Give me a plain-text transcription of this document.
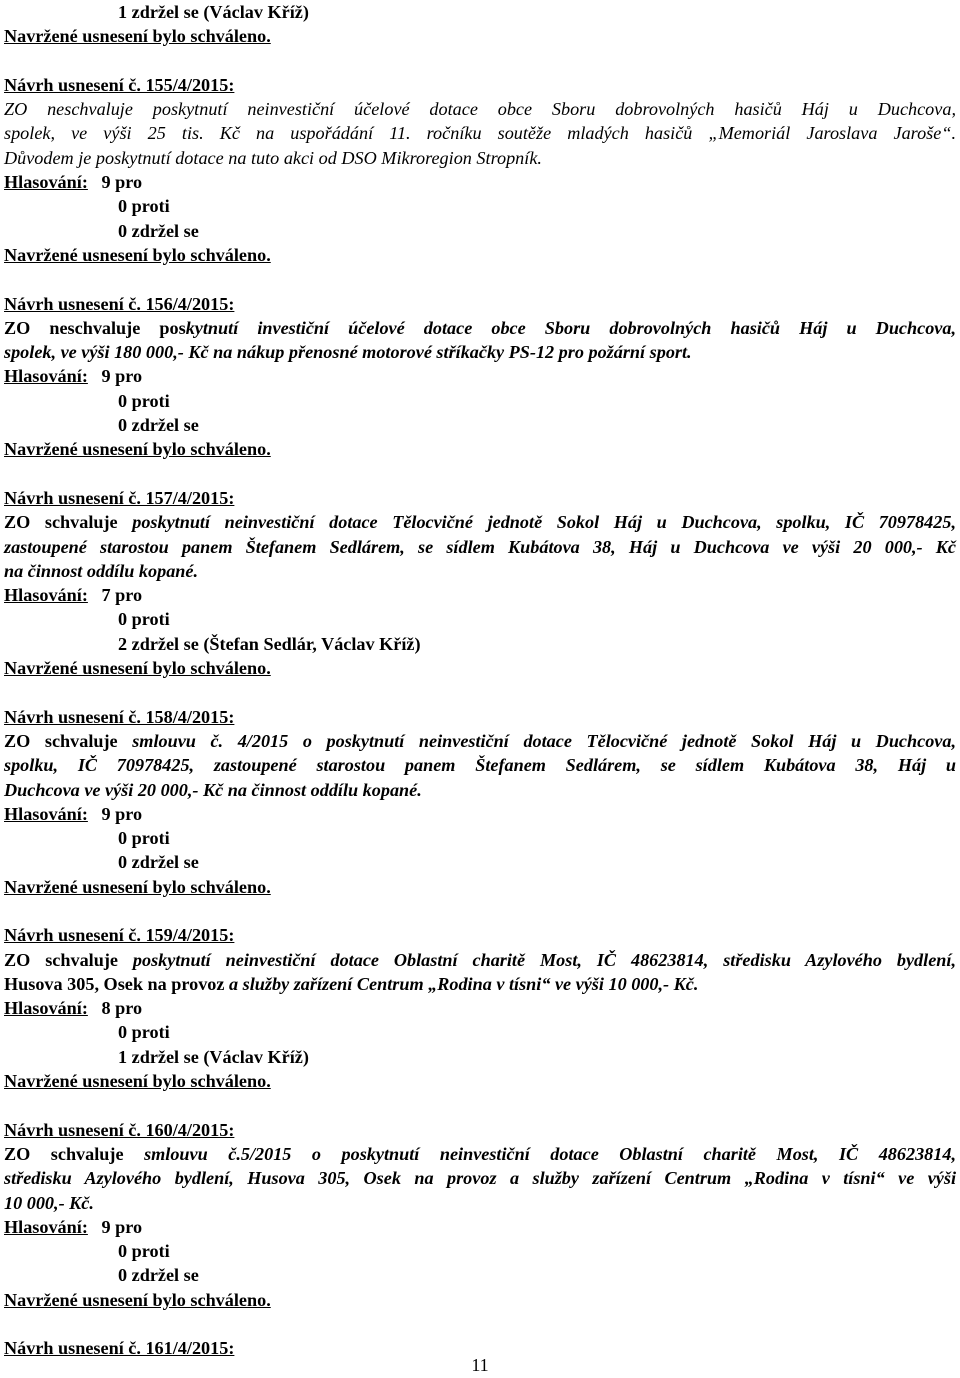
1 zdržel se (Václav Kříž)
Navržené usnesení bylo schváleno.
Návrh usnesení č. 155/4/2015:
ZO neschvaluje poskytnutí neinvestiční účelové dotace obce Sboru dobrovolných hasičů Háj u Duchcova,
spolek, ve výši 25 tis. Kč na uspořádání 11. ročníku soutěže mladých hasičů „Memoriál Jaroslava Jaroše“.
Důvodem je poskytnutí dotace na tuto akci od DSO Mikroregion Stropník.
Hlasování: 9 pro
0 proti
0 zdržel se
Navržené usnesení bylo schváleno.
Návrh usnesení č. 156/4/2015:
ZO neschvaluje poskytnutí investiční účelové dotace obce Sboru dobrovolných hasičů Háj u Duchcova,
spolek, ve výši 180 000,- Kč na nákup přenosné motorové stříkačky PS-12 pro požární sport.
Hlasování: 9 pro
0 proti
0 zdržel se
Navržené usnesení bylo schváleno.
Návrh usnesení č. 157/4/2015:
ZO schvaluje poskytnutí neinvestiční dotace Tělocvičné jednotě Sokol Háj u Duchcova, spolku, IČ 70978425,
zastoupené starostou panem Štefanem Sedlárem, se sídlem Kubátova 38, Háj u Duchcova ve výši 20 000,- Kč
na činnost oddílu kopané.
Hlasování: 7 pro
0 proti
2 zdržel se (Štefan Sedlár, Václav Kříž)
Navržené usnesení bylo schváleno.
Návrh usnesení č. 158/4/2015:
ZO schvaluje smlouvu č. 4/2015 o poskytnutí neinvestiční dotace Tělocvičné jednotě Sokol Háj u Duchcova,
spolku, IČ 70978425, zastoupené starostou panem Štefanem Sedlárem, se sídlem Kubátova 38, Háj u
Duchcova ve výši 20 000,- Kč na činnost oddílu kopané.
Hlasování: 9 pro
0 proti
0 zdržel se
Navržené usnesení bylo schváleno.
Návrh usnesení č. 159/4/2015:
ZO schvaluje poskytnutí neinvestiční dotace Oblastní charitě Most, IČ 48623814, středisku Azylového bydlení,
Husova 305, Osek na provoz a služby zařízení Centrum „Rodina v tísni“ ve výši 10 000,- Kč.
Hlasování: 8 pro
0 proti
1 zdržel se (Václav Kříž)
Navržené usnesení bylo schváleno.
Návrh usnesení č. 160/4/2015:
ZO schvaluje smlouvu č.5/2015 o poskytnutí neinvestiční dotace Oblastní charitě Most, IČ 48623814,
středisku Azylového bydlení, Husova 305, Osek na provoz a služby zařízení Centrum „Rodina v tísni“ ve výši
10 000,- Kč.
Hlasování: 9 pro
0 proti
0 zdržel se
Navržené usnesení bylo schváleno.
Návrh usnesení č. 161/4/2015:
11
